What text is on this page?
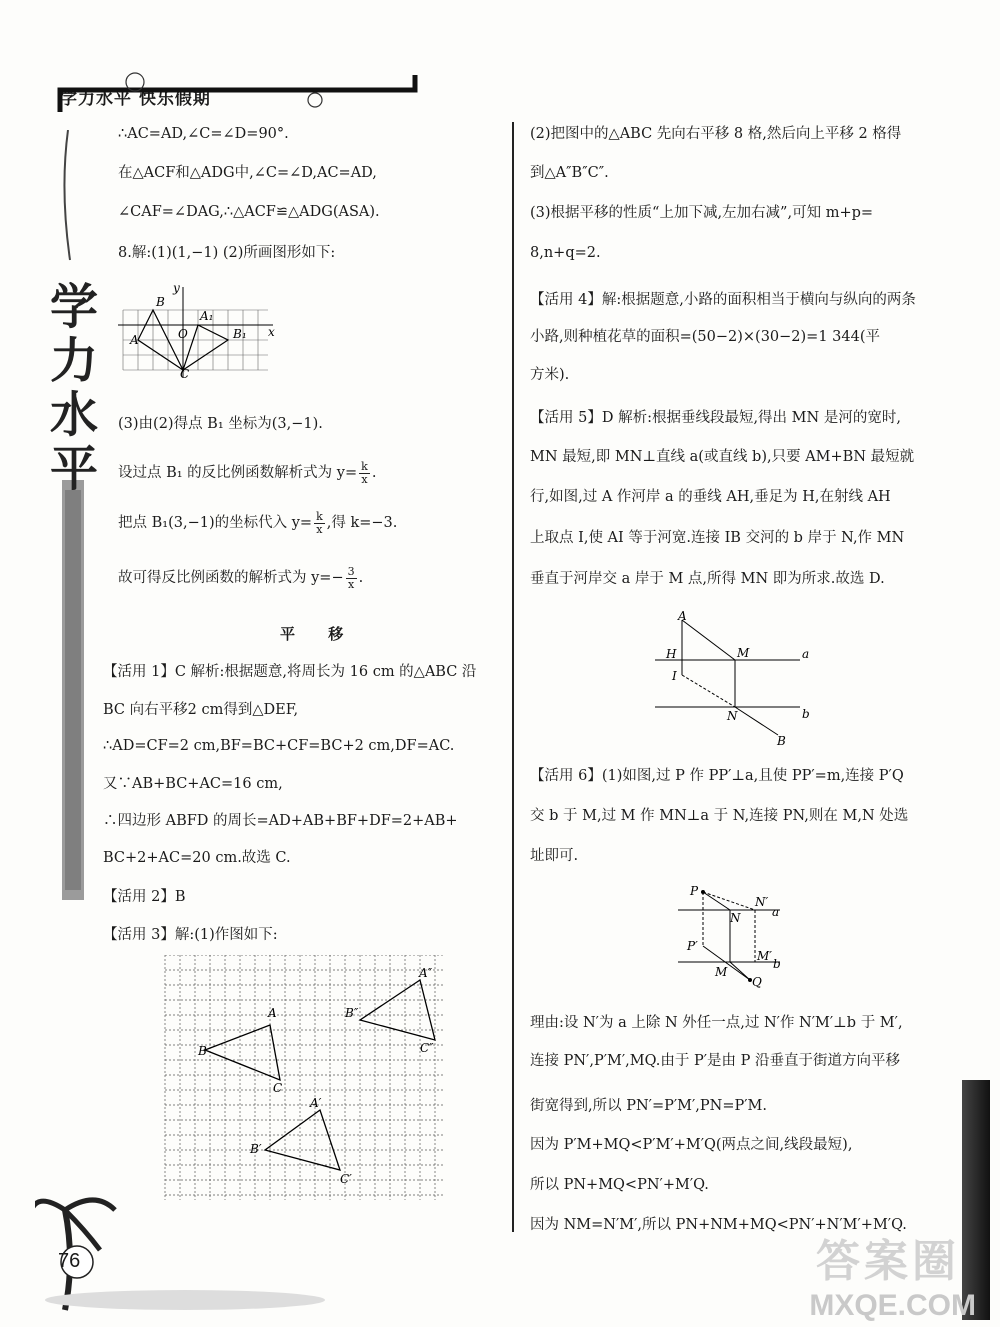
学力水平 快乐假期
学力水平
∴AC=AD,∠C=∠D=90°.
在△ACF和△ADG中,∠C=∠D,AC=AD,
∠CAF=∠DAG,∴△ACF≌△ADG(ASA).
8.解:(1)(1,−1) (2)所画图形如下:
B
y
A	O
A₁
B₁ x
C
(3)由(2)得点 B₁ 坐标为(3,−1).
设过点 B₁ 的反比例函数解析式为 $y= \frac{k}{x}$ .
把点 B₁(3,−1)的坐标代入 $y= \frac{k}{x}$ ,得 k=−3.
故可得反比例函数的解析式为 $y=- \frac{3}{x}$ .
平 移
【活用 1】C 解析:根据题意,将周长为 16 cm 的△ABC 沿
BC 向右平移2 cm得到△DEF,
∴AD=CF=2 cm,BF=BC+CF=BC+2 cm,DF=AC.
又∵AB+BC+AC=16 cm,
∴四边形 ABFD 的周长=AD+AB+BF+DF=2+AB+
BC+2+AC=20 cm.故选 C.
【活用 2】B
【活用 3】解:(1)作图如下:
A
B
C
A″
B″
C″
A′
B′
C′
76
(2)把图中的△ABC 先向右平移 8 格,然后向上平移 2 格得
到△A″B″C″.
(3)根据平移的性质“上加下减,左加右减”,可知 m+p=
8,n+q=2.
【活用 4】解:根据题意,小路的面积相当于横向与纵向的两条
小路,则种植花草的面积=(50−2)×(30−2)=1 344(平
方米).
【活用 5】D 解析:根据垂线段最短,得出 MN 是河的宽时,
MN 最短,即 MN⊥直线 a(或直线 b),只要 AM+BN 最短就
行,如图,过 A 作河岸 a 的垂线 AH,垂足为 H,在射线 AH
上取点 I,使 AI 等于河宽.连接 IB 交河的 b 岸于 N,作 MN
垂直于河岸交 a 岸于 M 点,所得 MN 即为所求.故选 D.
A
H	M	a
I
N	b
B
【活用 6】(1)如图,过 P 作 PP′⊥a,且使 PP′=m,连接 P′Q
交 b 于 M,过 M 作 MN⊥a 于 N,连接 PN,则在 M,N 处选
址即可.
P
N′
N	a
P′
M′
b
M
Q
理由:设 N′为 a 上除 N 外任一点,过 N′作 N′M′⊥b 于 M′,
连接 PN′,P′M′,MQ.由于 P′是由 P 沿垂直于街道方向平移
街宽得到,所以 PN′=P′M′,PN=P′M.
因为 P′M+MQ<P′M′+M′Q(两点之间,线段最短),
所以 PN+MQ<PN′+M′Q.
因为 NM=N′M′,所以 PN+NM+MQ<PN′+N′M′+M′Q.
答案圈
MXQE.COM
